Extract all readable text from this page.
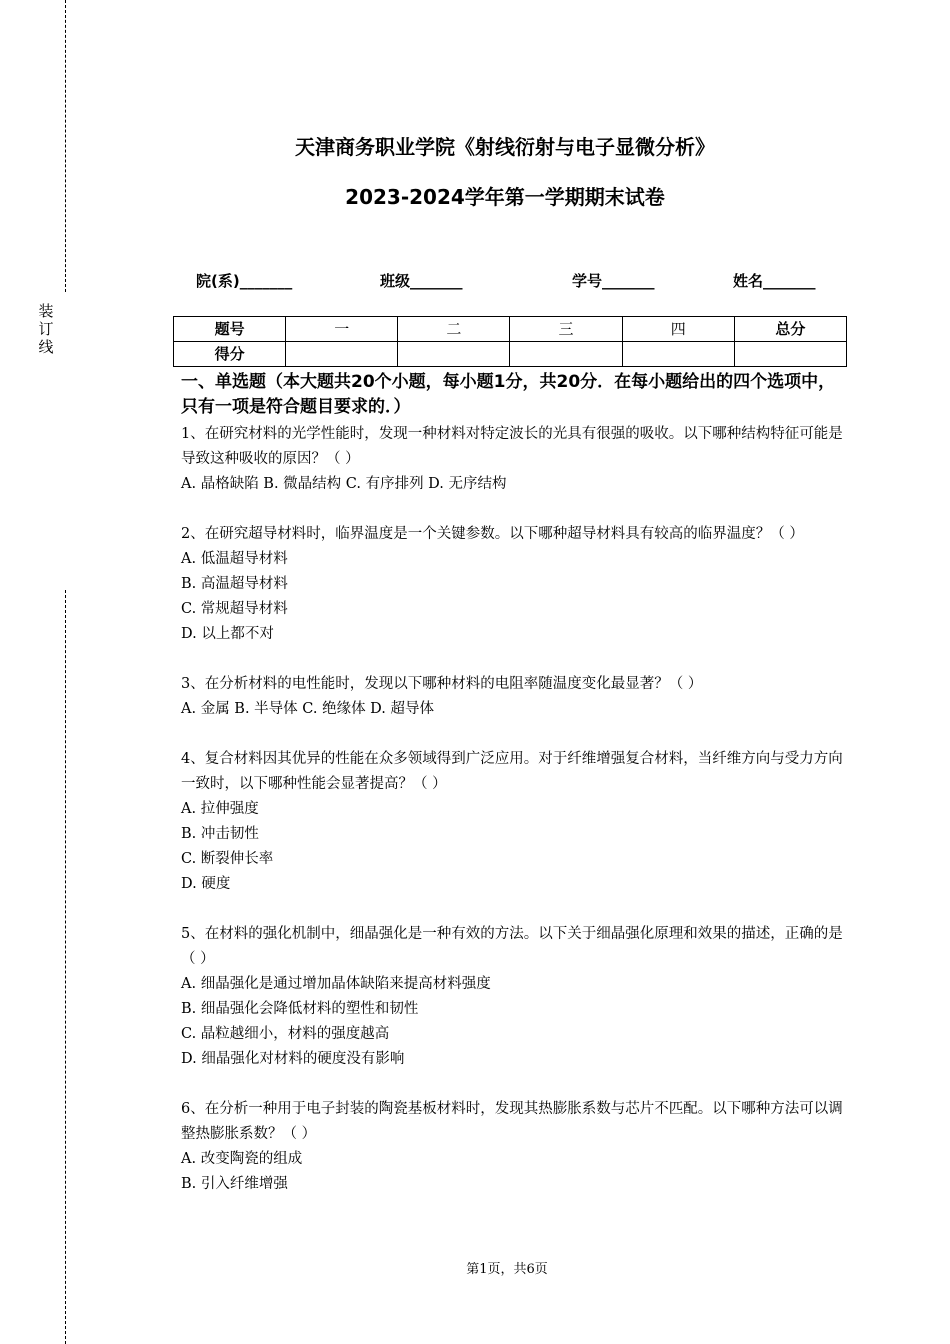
装
订
线
天津商务职业学院《射线衍射与电子显微分析》
2023-2024学年第一学期期末试卷
院(系)_______	班级_______	学号_______	姓名_______
题号	一	二	三	四	总分
得分					
一、单选题（本大题共20个小题，每小题1分，共20分．在每小题给出的四个选项中，只有一项是符合题目要求的．）

1、在研究材料的光学性能时，发现一种材料对特定波长的光具有很强的吸收。以下哪种结构特征可能是导致这种吸收的原因？（ ）

A. 晶格缺陷 B. 微晶结构 C. 有序排列 D. 无序结构

2、在研究超导材料时，临界温度是一个关键参数。以下哪种超导材料具有较高的临界温度？（ ）

A. 低温超导材料

B. 高温超导材料

C. 常规超导材料

D. 以上都不对

3、在分析材料的电性能时，发现以下哪种材料的电阻率随温度变化最显著？（ ）

A. 金属 B. 半导体 C. 绝缘体 D. 超导体

4、复合材料因其优异的性能在众多领域得到广泛应用。对于纤维增强复合材料，当纤维方向与受力方向一致时，以下哪种性能会显著提高？（ ）

A. 拉伸强度

B. 冲击韧性

C. 断裂伸长率

D. 硬度

5、在材料的强化机制中，细晶强化是一种有效的方法。以下关于细晶强化原理和效果的描述，正确的是（ ）

A. 细晶强化是通过增加晶体缺陷来提高材料强度

B. 细晶强化会降低材料的塑性和韧性

C. 晶粒越细小，材料的强度越高

D. 细晶强化对材料的硬度没有影响

6、在分析一种用于电子封装的陶瓷基板材料时，发现其热膨胀系数与芯片不匹配。以下哪种方法可以调整热膨胀系数？（ ）

A. 改变陶瓷的组成

B. 引入纤维增强

第1页，共6页
